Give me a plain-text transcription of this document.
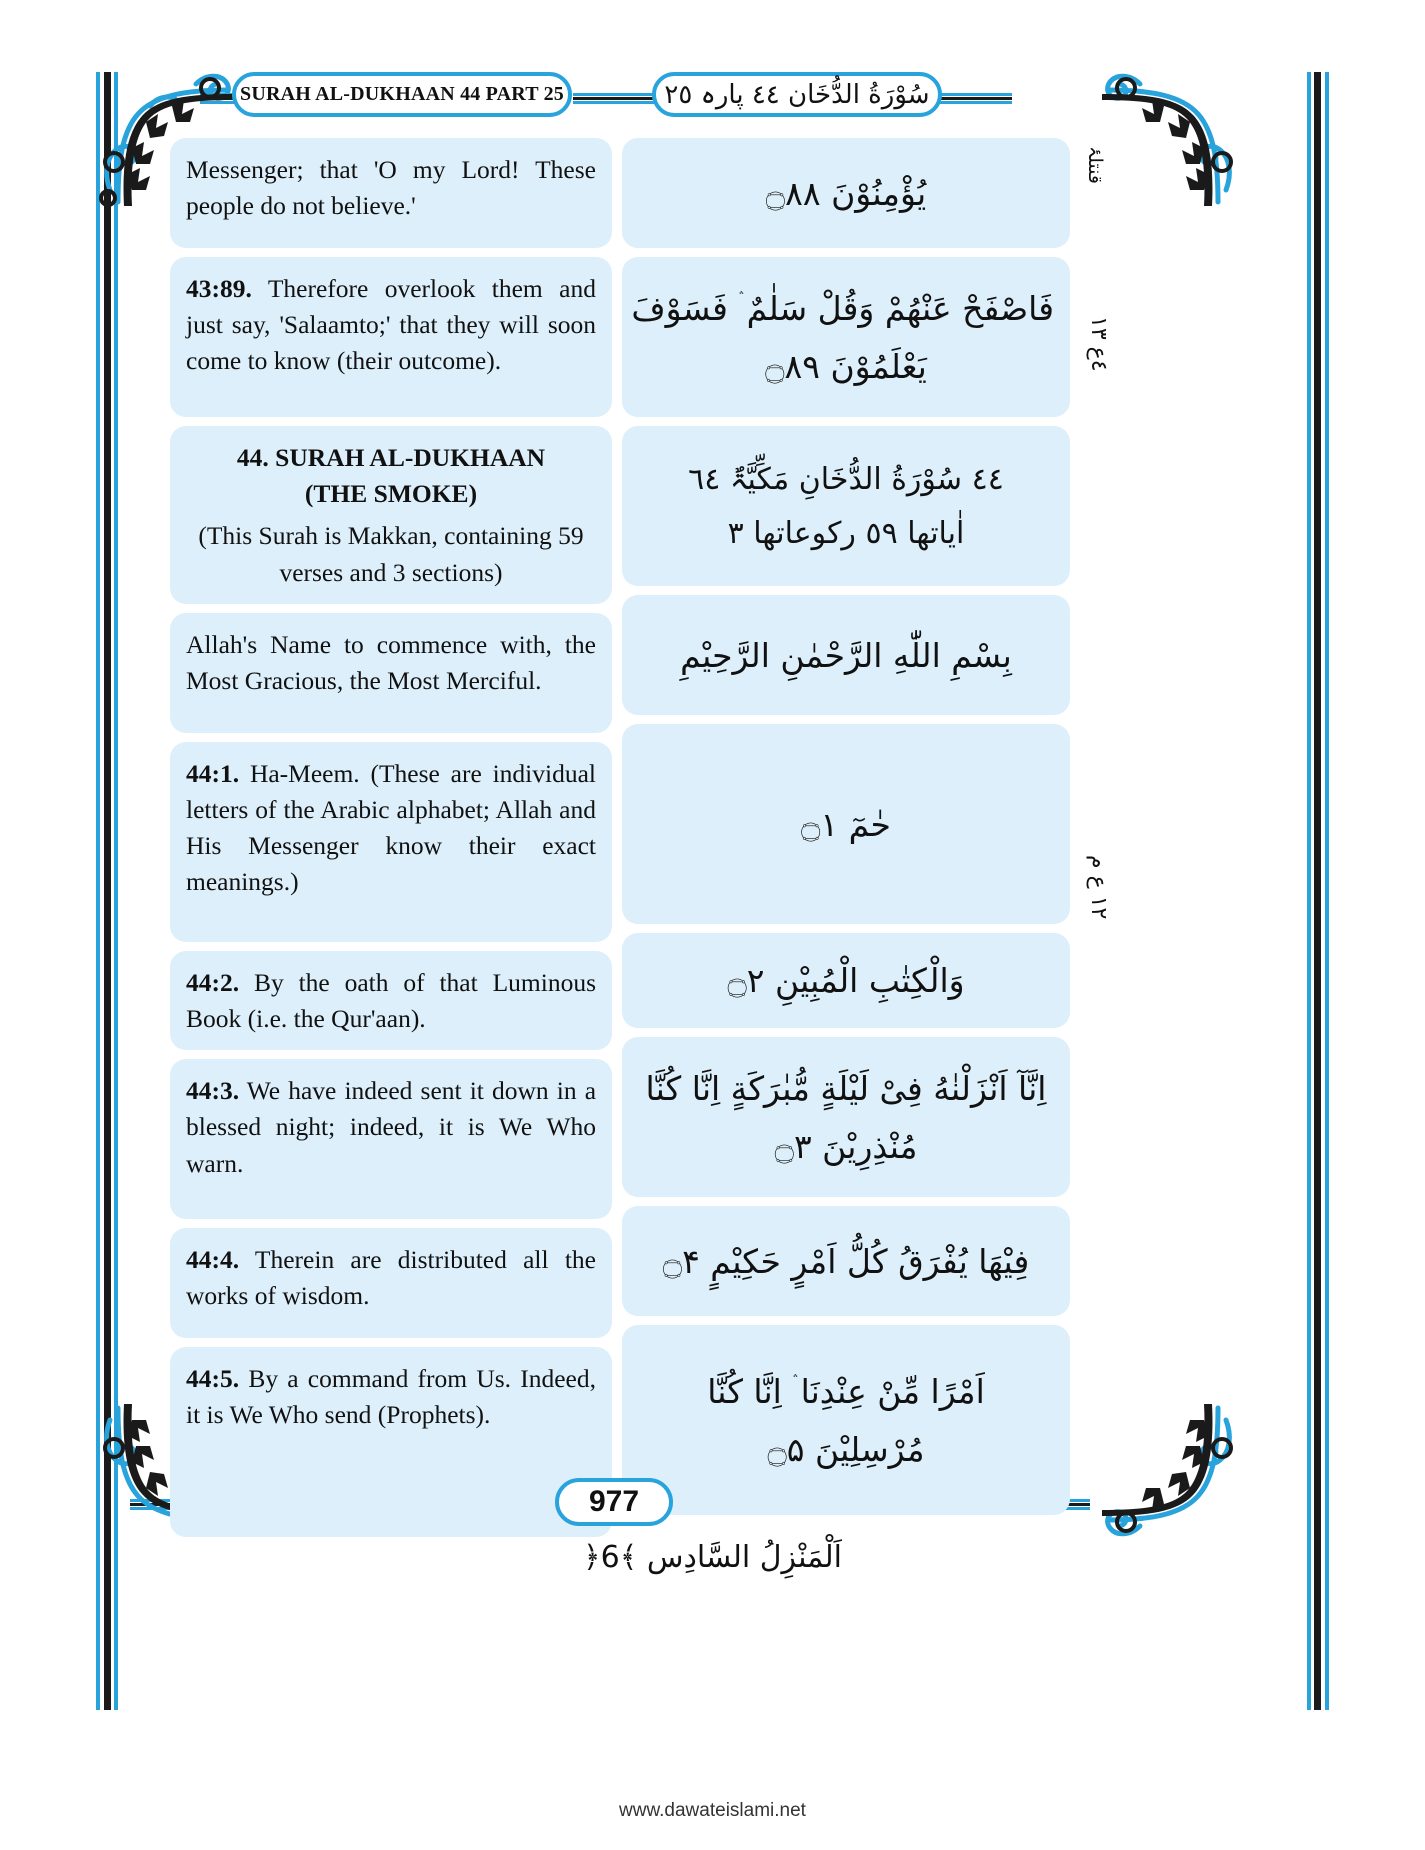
SURAH AL-DUKHAAN 44 PART 25	سُوْرَةُ الدُّخَان ٤٤ پارہ ٢٥
قنتلۂ
٤ع ١٣
١٢ ع م
Messenger; that 'O my Lord! These people do not believe.'
43:89. Therefore overlook them and just say, 'Salaamto;' that they will soon come to know (their outcome).
44. SURAH AL-DUKHAAN
(THE SMOKE)
(This Surah is Makkan, containing 59 verses and 3 sections)
Allah's Name to commence with, the Most Gracious, the Most Merciful.
44:1. Ha-Meem. (These are individual letters of the Arabic alphabet; Allah and His Messenger know their exact meanings.)
44:2. By the oath of that Luminous Book (i.e. the Qur'aan).
44:3. We have indeed sent it down in a blessed night; indeed, it is We Who warn.
44:4. Therein are distributed all the works of wisdom.
44:5. By a command from Us. Indeed, it is We Who send (Prophets).
يُؤْمِنُوْنَ ۝۸۸
فَاصْفَحْ عَنْهُمْ وَقُلْ سَلٰمٌ ۛ فَسَوْفَ
يَعْلَمُوْنَ ۝۸۹
٤٤ سُوْرَةُ الدُّخَانِ مَکِّیَّۃٌ ٦٤
اٰیاتها ٥٩ رکوعاتها ٣
بِسْمِ اللّٰهِ الرَّحْمٰنِ الرَّحِيْمِ
حٰمٓ ۝۱
وَالْكِتٰبِ الْمُبِيْنِ ۝۲
اِنَّآ اَنْزَلْنٰهُ فِیْ لَیْلَةٍ مُّبٰرَكَةٍ اِنَّا كُنَّا
مُنْذِرِيْنَ ۝۳
فِيْهَا يُفْرَقُ كُلُّ اَمْرٍ حَكِيْمٍ ۝۴
اَمْرًا مِّنْ عِنْدِنَا ۛ اِنَّا كُنَّا
مُرْسِلِيْنَ ۝۵
977
اَلْمَنْزِلُ السَّادِس ﴾6﴿
www.dawateislami.net
